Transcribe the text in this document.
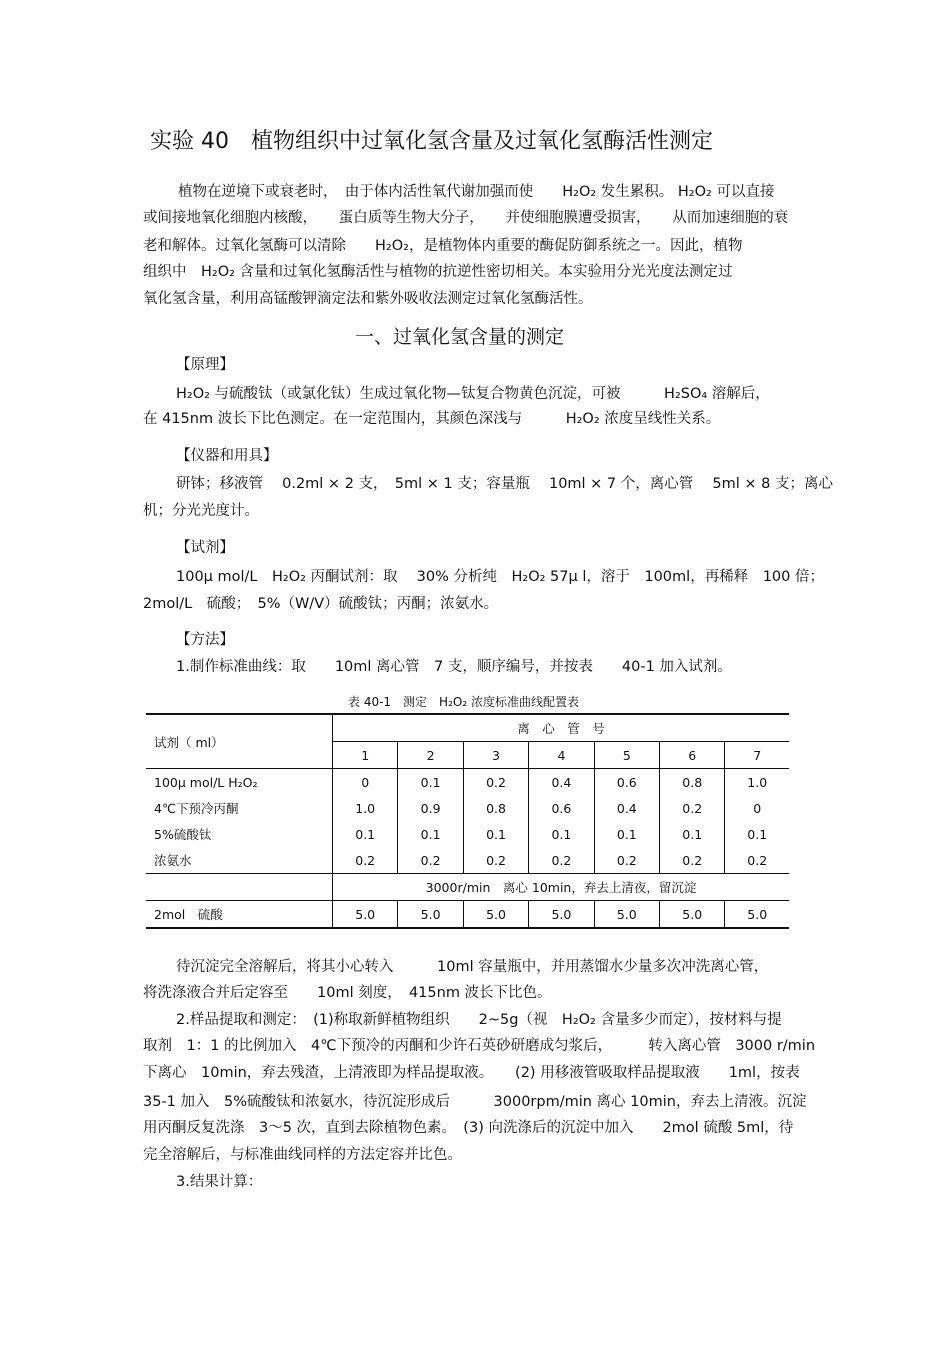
实验 40　植物组织中过氧化氢含量及过氧化氢酶活性测定
植物在逆境下或衰老时，　由于体内活性氧代谢加强而使　　H₂O₂ 发生累积。 H₂O₂ 可以直接
或间接地氧化细胞内核酸，　　蛋白质等生物大分子，　　并使细胞膜遭受损害，　　从而加速细胞的衰
老和解体。过氧化氢酶可以清除　　H₂O₂，是植物体内重要的酶促防御系统之一。因此，植物
组织中　H₂O₂ 含量和过氧化氢酶活性与植物的抗逆性密切相关。本实验用分光光度法测定过
氧化氢含量，利用高锰酸钾滴定法和紫外吸收法测定过氧化氢酶活性。
一、过氧化氢含量的测定
【原理】
H₂O₂ 与硫酸钛（或氯化钛）生成过氧化物—钛复合物黄色沉淀，可被　　　H₂SO₄ 溶解后，
在 415nm 波长下比色测定。在一定范围内，其颜色深浅与　　　H₂O₂ 浓度呈线性关系。
【仪器和用具】
研钵；移液管　 0.2ml × 2 支，　5ml × 1 支；容量瓶　 10ml × 7 个，离心管　 5ml × 8 支；离心
机；分光光度计。
【试剂】
100μ mol/L　H₂O₂ 丙酮试剂：取　 30% 分析纯　H₂O₂ 57μ l，溶于　100ml，再稀释　100 倍；
2mol/L　硫酸；　5%（W/V）硫酸钛；丙酮；浓氨水。
【方法】
1.制作标准曲线：取　　10ml 离心管　7 支，顺序编号，并按表　　40-1 加入试剂。
表 40-1　测定　H₂O₂ 浓度标准曲线配置表
试剂（ ml）	离　心　管　号						
	1	2	3	4	5	6	7
100μ mol/L H₂O₂	0	0.1	0.2	0.4	0.6	0.8	1.0
4℃下预冷丙酮	1.0	0.9	0.8	0.6	0.4	0.2	0
5%硫酸钛	0.1	0.1	0.1	0.1	0.1	0.1	0.1
浓氨水	0.2	0.2	0.2	0.2	0.2	0.2	0.2
	3000r/min　离心 10min，弃去上清夜，留沉淀						
2mol　硫酸	5.0	5.0	5.0	5.0	5.0	5.0	5.0
待沉淀完全溶解后，将其小心转入　　　10ml 容量瓶中，并用蒸馏水少量多次冲洗离心管，
将洗涤液合并后定容至　　10ml 刻度，　415nm 波长下比色。
2.样品提取和测定：　(1)称取新鲜植物组织　　2~5g（视　H₂O₂ 含量多少而定），按材料与提
取剂　1：1 的比例加入　4℃下预冷的丙酮和少许石英砂研磨成匀浆后，　　　转入离心管　3000 r/min
下离心　10min，弃去残渣，上清液即为样品提取液。　　(2) 用移液管吸取样品提取液　　1ml，按表
35-1 加入　5%硫酸钛和浓氨水，待沉淀形成后　　　3000rpm/min 离心 10min，弃去上清液。沉淀
用丙酮反复洗涤　3～5 次，直到去除植物色素。　(3) 向洗涤后的沉淀中加入　　2mol 硫酸 5ml，待
完全溶解后，与标准曲线同样的方法定容并比色。
3.结果计算：
